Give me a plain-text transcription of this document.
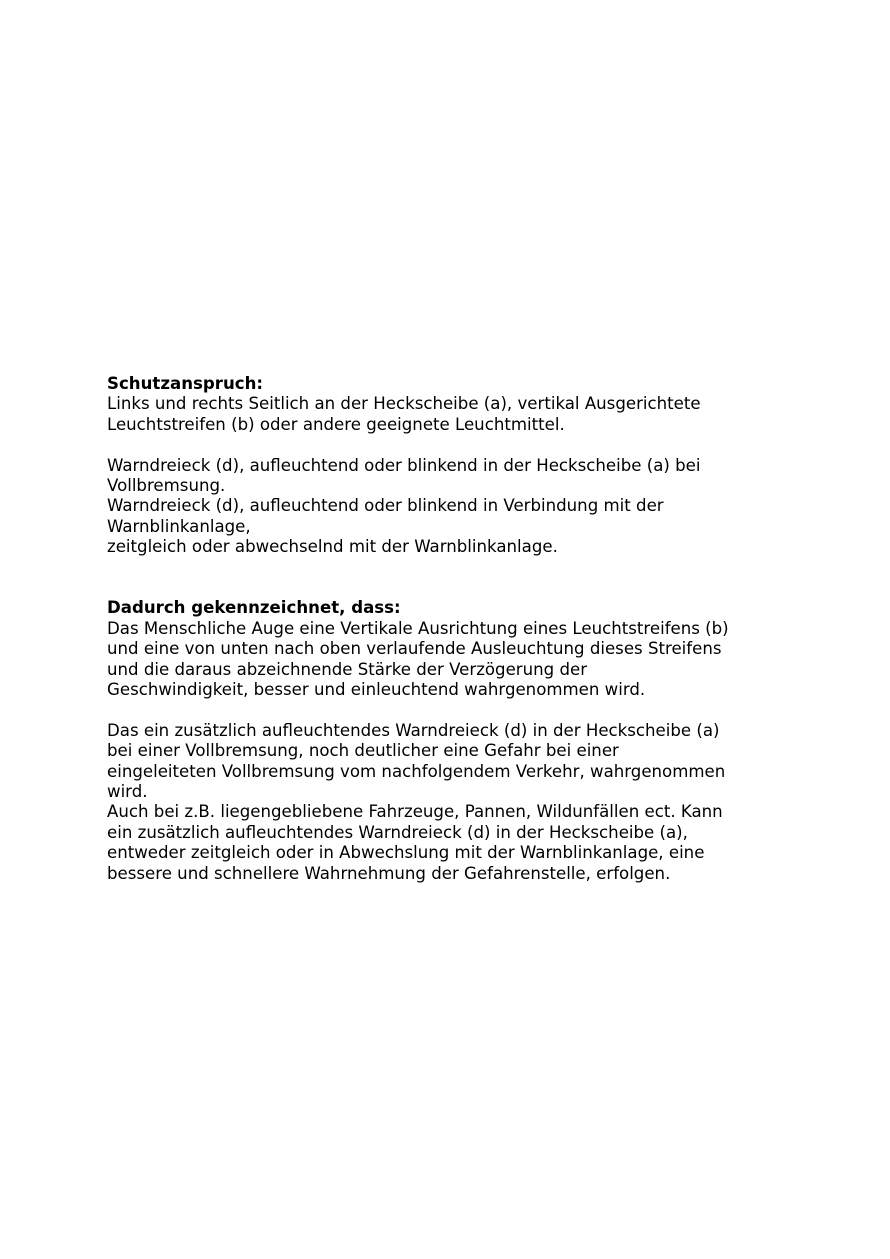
Schutzanspruch:
Links und rechts Seitlich an der Heckscheibe (a), vertikal Ausgerichtete
Leuchtstreifen (b) oder andere geeignete Leuchtmittel.
Warndreieck (d), aufleuchtend oder blinkend in der Heckscheibe (a) bei
Vollbremsung.
Warndreieck (d), aufleuchtend oder blinkend in Verbindung mit der
Warnblinkanlage,
zeitgleich oder abwechselnd mit der Warnblinkanlage.
Dadurch gekennzeichnet, dass:
Das Menschliche Auge eine Vertikale Ausrichtung eines Leuchtstreifens (b)
und eine von unten nach oben verlaufende Ausleuchtung dieses Streifens
und die daraus abzeichnende Stärke der Verzögerung der
Geschwindigkeit, besser und einleuchtend wahrgenommen wird.
Das ein zusätzlich aufleuchtendes Warndreieck (d) in der Heckscheibe (a)
bei einer Vollbremsung, noch deutlicher eine Gefahr bei einer
eingeleiteten Vollbremsung vom nachfolgendem Verkehr, wahrgenommen
wird.
Auch bei z.B. liegengebliebene Fahrzeuge, Pannen, Wildunfällen ect. Kann
ein zusätzlich aufleuchtendes Warndreieck (d) in der Heckscheibe (a),
entweder zeitgleich oder in Abwechslung mit der Warnblinkanlage, eine
bessere und schnellere Wahrnehmung der Gefahrenstelle, erfolgen.
